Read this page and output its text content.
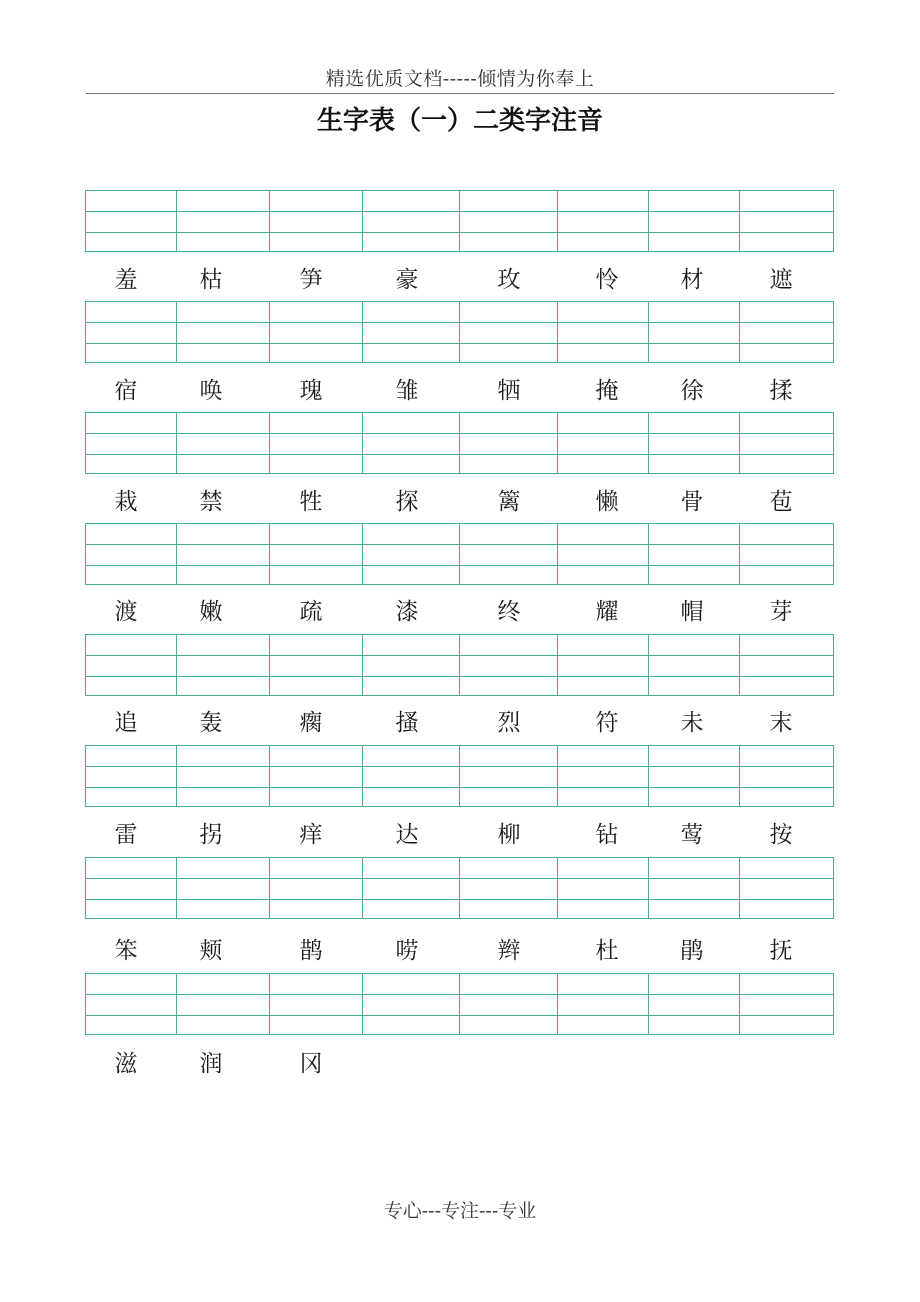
精选优质文档-----倾情为你奉上
生字表（一）二类字注音
羞	枯	笋	豪	玫	怜	材	遮
宿	唤	瑰	雏	牺	掩	徐	揉
栽	禁	牲	探	篱	懒	骨	苞
渡	嫩	疏	漆	终	耀	帽	芽
追	轰	瘸	搔	烈	符	未	末
雷	拐	痒	达	柳	钻	莺	按
笨	颊	鹊	唠	辫	杜	鹃	抚
滋	润	冈
专心---专注---专业
